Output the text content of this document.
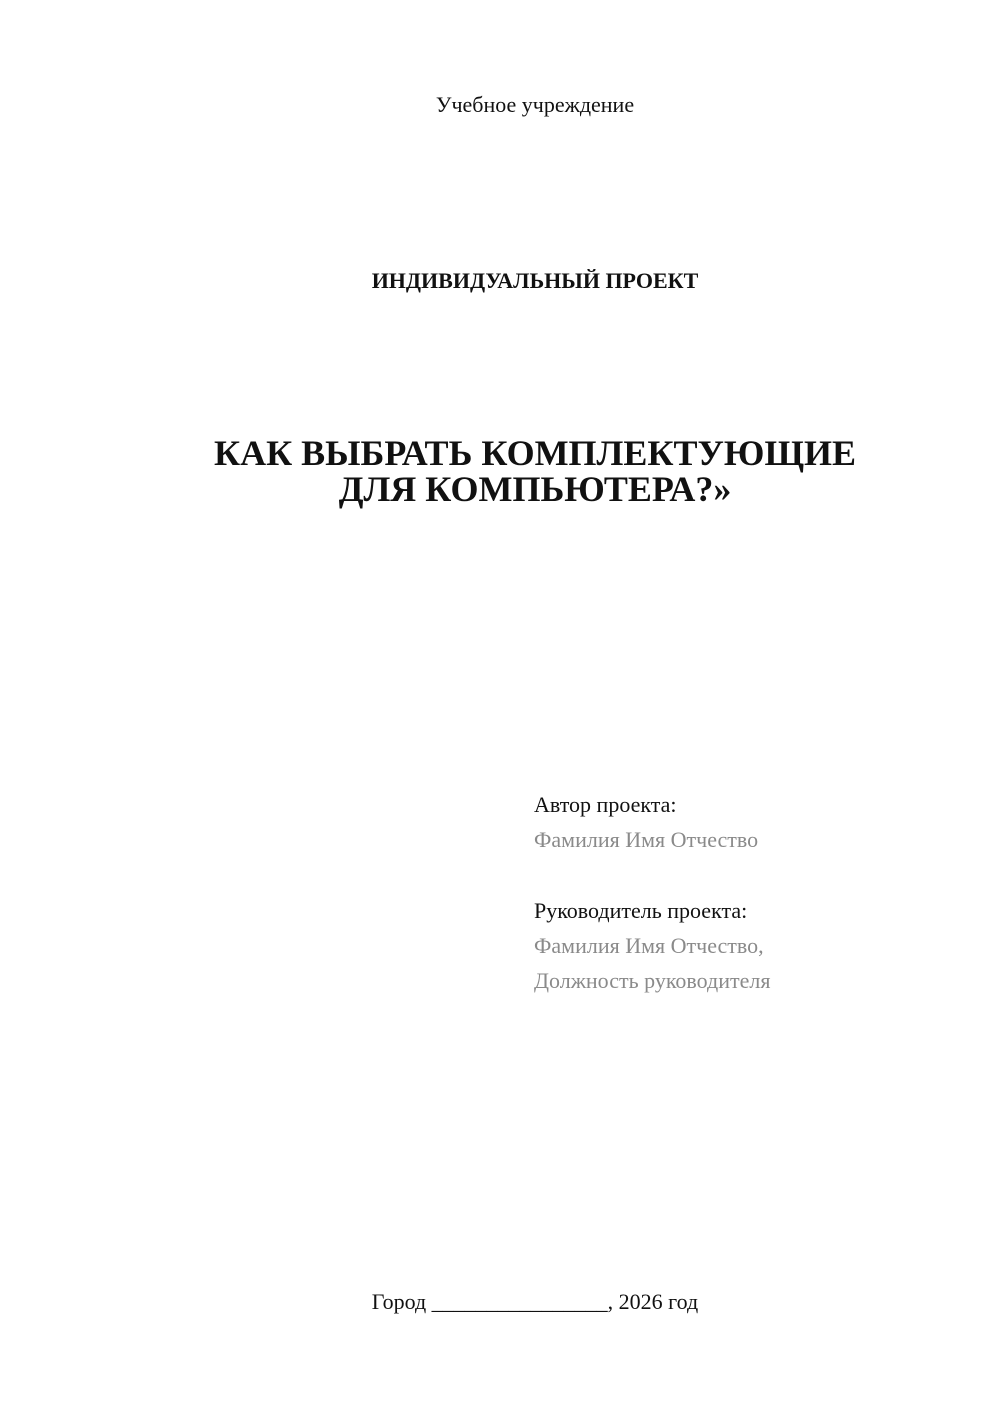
Учебное учреждение
ИНДИВИДУАЛЬНЫЙ ПРОЕКТ
КАК ВЫБРАТЬ КОМПЛЕКТУЮЩИЕ
ДЛЯ КОМПЬЮТЕРА?»
Автор проекта:
Фамилия Имя Отчество
Руководитель проекта:
Фамилия Имя Отчество,
Должность руководителя
Город ________________, 2026 год
